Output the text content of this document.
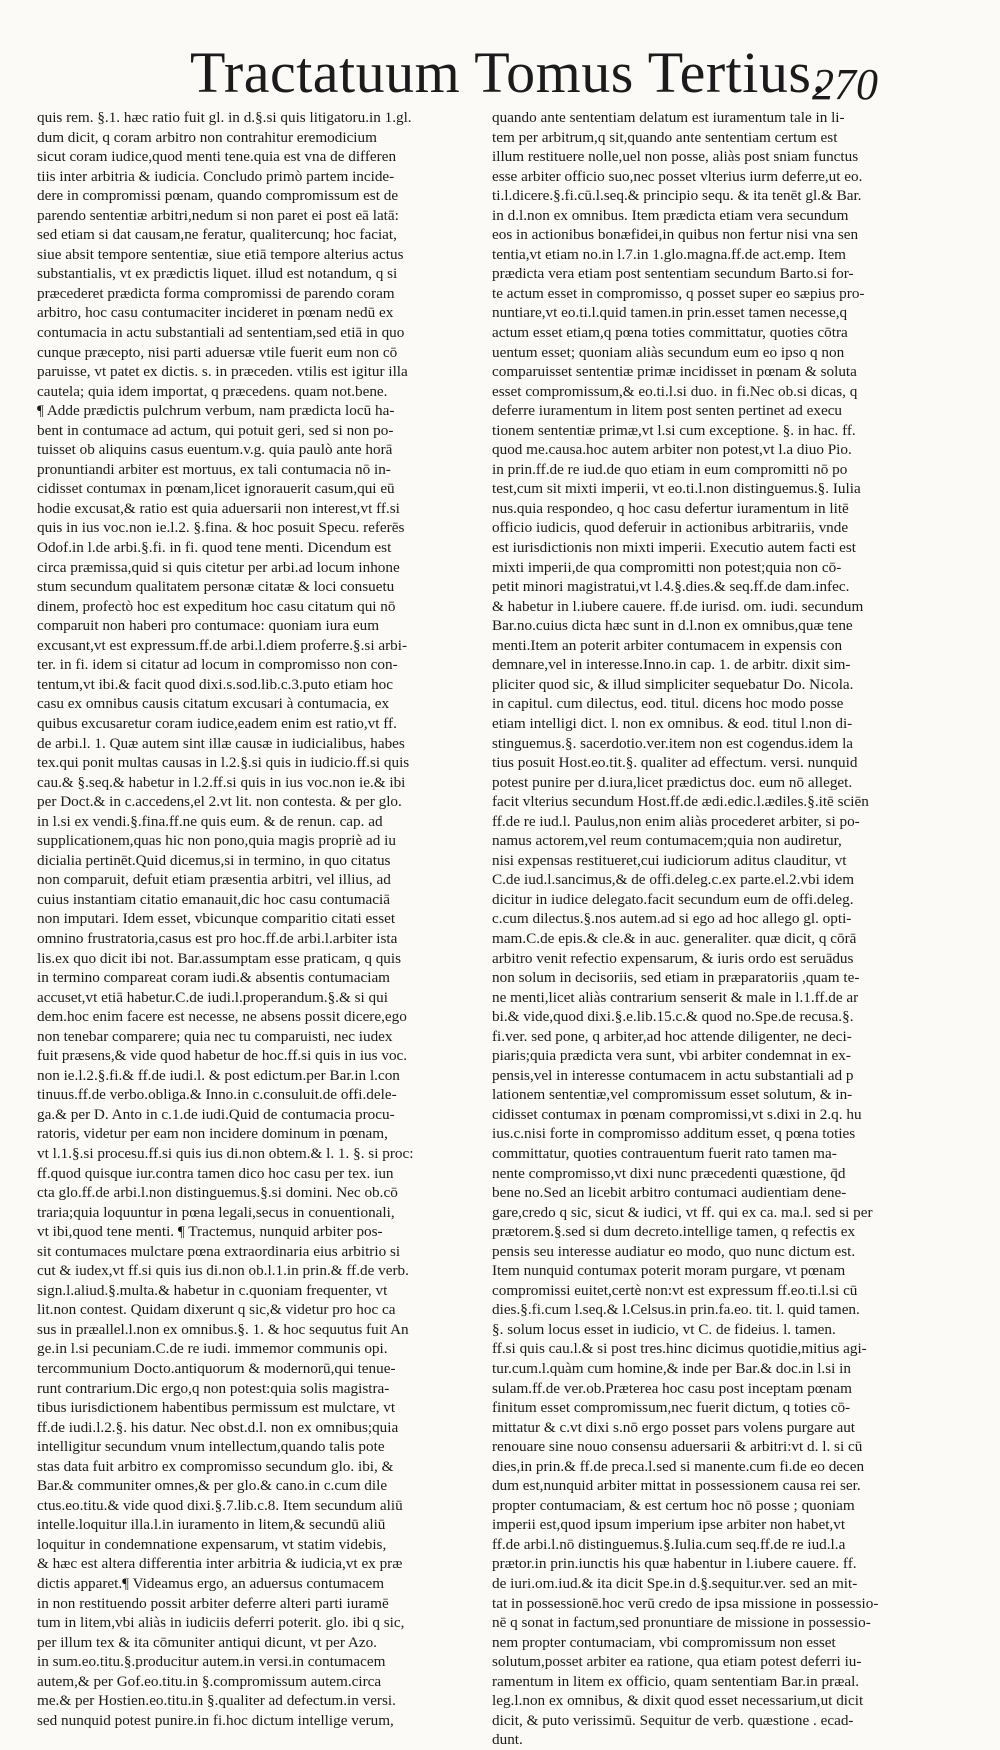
Tractatuum Tomus Tertius.
270
quis rem. §.1. hæc ratio fuit gl. in d.§.si quis litigatoru.in 1.gl.
dum dicit, q coram arbitro non contrahitur eremodicium
sicut coram iudice,quod menti tene.quia est vna de differen
tiis inter arbitria & iudicia. Concludo primò partem incide-
dere in compromissi pœnam, quando compromissum est de
parendo sententiæ arbitri,nedum si non paret ei post eā latā:
sed etiam si dat causam,ne feratur, qualitercunq; hoc faciat,
siue absit tempore sententiæ, siue etiā tempore alterius actus
substantialis, vt ex prædictis liquet. illud est notandum, q si
præcederet prædicta forma compromissi de parendo coram
arbitro, hoc casu contumaciter incideret in pœnam nedū ex
contumacia in actu substantiali ad sententiam,sed etiā in quo
cunque præcepto, nisi parti aduersæ vtile fuerit eum non cō
paruisse, vt patet ex dictis. s. in præceden. vtilis est igitur illa
cautela; quia idem importat, q præcedens. quam not.bene.
¶ Adde prædictis pulchrum verbum, nam prædicta locū ha-
bent in contumace ad actum, qui potuit geri, sed si non po-
tuisset ob aliquins casus euentum.v.g. quia paulò ante horā
pronuntiandi arbiter est mortuus, ex tali contumacia nō in-
cidisset contumax in pœnam,licet ignorauerit casum,qui eū
hodie excusat,& ratio est quia aduersarii non interest,vt ff.si
quis in ius voc.non ie.l.2. §.fina. & hoc posuit Specu. referēs
Odof.in l.de arbi.§.fi. in fi. quod tene menti. Dicendum est
circa præmissa,quid si quis citetur per arbi.ad locum inhone
stum secundum qualitatem personæ citatæ & loci consuetu
dinem, profectò hoc est expeditum hoc casu citatum qui nō
comparuit non haberi pro contumace: quoniam iura eum
excusant,vt est expressum.ff.de arbi.l.diem proferre.§.si arbi-
ter. in fi. idem si citatur ad locum in compromisso non con-
tentum,vt ibi.& facit quod dixi.s.sod.lib.c.3.puto etiam hoc
casu ex omnibus causis citatum excusari à contumacia, ex
quibus excusaretur coram iudice,eadem enim est ratio,vt ff.
de arbi.l. 1. Quæ autem sint illæ causæ in iudicialibus, habes
tex.qui ponit multas causas in l.2.§.si quis in iudicio.ff.si quis
cau.& §.seq.& habetur in l.2.ff.si quis in ius voc.non ie.& ibi
per Doct.& in c.accedens,el 2.vt lit. non contesta. & per glo.
in l.si ex vendi.§.fina.ff.ne quis eum. & de renun. cap. ad
supplicationem,quas hic non pono,quia magis propriè ad iu
dicialia pertinēt.Quid dicemus,si in termino, in quo citatus
non comparuit, defuit etiam præsentia arbitri, vel illius, ad
cuius instantiam citatio emanauit,dic hoc casu contumaciā
non imputari. Idem esset, vbicunque comparitio citati esset
omnino frustratoria,casus est pro hoc.ff.de arbi.l.arbiter ista
lis.ex quo dicit ibi not. Bar.assumptam esse praticam, q quis
in termino compareat coram iudi.& absentis contumaciam
accuset,vt etiā habetur.C.de iudi.l.properandum.§.& si qui
dem.hoc enim facere est necesse, ne absens possit dicere,ego
non tenebar comparere; quia nec tu comparuisti, nec iudex
fuit præsens,& vide quod habetur de hoc.ff.si quis in ius voc.
non ie.l.2.§.fi.& ff.de iudi.l. & post edictum.per Bar.in l.con
tinuus.ff.de verbo.obliga.& Inno.in c.consuluit.de offi.dele-
ga.& per D. Anto in c.1.de iudi.Quid de contumacia procu-
ratoris, videtur per eam non incidere dominum in pœnam,
vt l.1.§.si procesu.ff.si quis ius di.non obtem.& l. 1. §. si proc:
ff.quod quisque iur.contra tamen dico hoc casu per tex. iun
cta glo.ff.de arbi.l.non distinguemus.§.si domini. Nec ob.cō
traria;quia loquuntur in pœna legali,secus in conuentionali,
vt ibi,quod tene menti. ¶ Tractemus, nunquid arbiter pos-
sit contumaces mulctare pœna extraordinaria eius arbitrio si
cut & iudex,vt ff.si quis ius di.non ob.l.1.in prin.& ff.de verb.
sign.l.aliud.§.multa.& habetur in c.quoniam frequenter, vt
lit.non contest. Quidam dixerunt q sic,& videtur pro hoc ca
sus in præallel.l.non ex omnibus.§. 1. & hoc sequutus fuit An
ge.in l.si pecuniam.C.de re iudi. immemor communis opi.
tercommunium Docto.antiquorum & modernorū,qui tenue-
runt contrarium.Dic ergo,q non potest:quia solis magistra-
tibus iurisdictionem habentibus permissum est mulctare, vt
ff.de iudi.l.2.§. his datur. Nec obst.d.l. non ex omnibus;quia
intelligitur secundum vnum intellectum,quando talis pote
stas data fuit arbitro ex compromisso secundum glo. ibi, &
Bar.& communiter omnes,& per glo.& cano.in c.cum dile
ctus.eo.titu.& vide quod dixi.§.7.lib.c.8. Item secundum aliū
intelle.loquitur illa.l.in iuramento in litem,& secundū aliū
loquitur in condemnatione expensarum, vt statim videbis,
& hæc est altera differentia inter arbitria & iudicia,vt ex præ
dictis apparet.¶ Videamus ergo, an aduersus contumacem
in non restituendo possit arbiter deferre alteri parti iuramē
tum in litem,vbi aliàs in iudiciis deferri poterit. glo. ibi q sic,
per illum tex & ita cōmuniter antiqui dicunt, vt per Azo.
in sum.eo.titu.§.producitur autem.in versi.in contumacem
autem,& per Gof.eo.titu.in §.compromissum autem.circa
me.& per Hostien.eo.titu.in §.qualiter ad defectum.in versi.
sed nunquid potest punire.in fi.hoc dictum intellige verum,
quando ante sententiam delatum est iuramentum tale in li-
tem per arbitrum,q sit,quando ante sententiam certum est
illum restituere nolle,uel non posse, aliàs post sniam functus
esse arbiter officio suo,nec posset vlterius iurm deferre,ut eo.
ti.l.dicere.§.fi.cū.l.seq.& principio sequ. & ita tenēt gl.& Bar.
in d.l.non ex omnibus. Item prædicta etiam vera secundum
eos in actionibus bonæfidei,in quibus non fertur nisi vna sen
tentia,vt etiam no.in l.7.in 1.glo.magna.ff.de act.emp. Item
prædicta vera etiam post sententiam secundum Barto.si for-
te actum esset in compromisso, q posset super eo sæpius pro-
nuntiare,vt eo.ti.l.quid tamen.in prin.esset tamen necesse,q
actum esset etiam,q pœna toties committatur, quoties cōtra
uentum esset; quoniam aliàs secundum eum eo ipso q non
comparuisset sententiæ primæ incidisset in pœnam & soluta
esset compromissum,& eo.ti.l.si duo. in fi.Nec ob.si dicas, q
deferre iuramentum in litem post senten pertinet ad execu
tionem sententiæ primæ,vt l.si cum exceptione. §. in hac. ff.
quod me.causa.hoc autem arbiter non potest,vt l.a diuo Pio.
in prin.ff.de re iud.de quo etiam in eum compromitti nō po
test,cum sit mixti imperii, vt eo.ti.l.non distinguemus.§. Iulia
nus.quia respondeo, q hoc casu defertur iuramentum in litē
officio iudicis, quod deferuir in actionibus arbitrariis, vnde
est iurisdictionis non mixti imperii. Executio autem facti est
mixti imperii,de qua compromitti non potest;quia non cō-
petit minori magistratui,vt l.4.§.dies.& seq.ff.de dam.infec.
& habetur in l.iubere cauere. ff.de iurisd. om. iudi. secundum
Bar.no.cuius dicta hæc sunt in d.l.non ex omnibus,quæ tene
menti.Item an poterit arbiter contumacem in expensis con
demnare,vel in interesse.Inno.in cap. 1. de arbitr. dixit sim-
pliciter quod sic, & illud simpliciter sequebatur Do. Nicola.
in capitul. cum dilectus, eod. titul. dicens hoc modo posse
etiam intelligi dict. l. non ex omnibus. & eod. titul l.non di-
stinguemus.§. sacerdotio.ver.item non est cogendus.idem la
tius posuit Host.eo.tit.§. qualiter ad effectum. versi. nunquid
potest punire per d.iura,licet prædictus doc. eum nō alleget.
facit vlterius secundum Host.ff.de ædi.edic.l.ædiles.§.itē sciēn
ff.de re iud.l. Paulus,non enim aliàs procederet arbiter, si po-
namus actorem,vel reum contumacem;quia non audiretur,
nisi expensas restitueret,cui iudiciorum aditus clauditur, vt
C.de iud.l.sancimus,& de offi.deleg.c.ex parte.el.2.vbi idem
dicitur in iudice delegato.facit secundum eum de offi.deleg.
c.cum dilectus.§.nos autem.ad si ego ad hoc allego gl. opti-
mam.C.de epis.& cle.& in auc. generaliter. quæ dicit, q cōrā
arbitro venit refectio expensarum, & iuris ordo est seruādus
non solum in decisoriis, sed etiam in præparatoriis ,quam te-
ne menti,licet aliàs contrarium senserit & male in l.1.ff.de ar
bi.& vide,quod dixi.§.e.lib.15.c.& quod no.Spe.de recusa.§.
fi.ver. sed pone, q arbiter,ad hoc attende diligenter, ne deci-
piaris;quia prædicta vera sunt, vbi arbiter condemnat in ex-
pensis,vel in interesse contumacem in actu substantiali ad p
lationem sententiæ,vel compromissum esset solutum, & in-
cidisset contumax in pœnam compromissi,vt s.dixi in 2.q. hu
ius.c.nisi forte in compromisso additum esset, q pœna toties
committatur, quoties contrauentum fuerit rato tamen ma-
nente compromisso,vt dixi nunc præcedenti quæstione, q̄d
bene no.Sed an licebit arbitro contumaci audientiam dene-
gare,credo q sic, sicut & iudici, vt ff. qui ex ca. ma.l. sed si per
prætorem.§.sed si dum decreto.intellige tamen, q refectis ex
pensis seu interesse audiatur eo modo, quo nunc dictum est.
Item nunquid contumax poterit moram purgare, vt pœnam
compromissi euitet,certè non:vt est expressum ff.eo.ti.l.si cū
dies.§.fi.cum l.seq.& l.Celsus.in prin.fa.eo. tit. l. quid tamen.
§. solum locus esset in iudicio, vt C. de fideius. l. tamen.
ff.si quis cau.l.& si post tres.hinc dicimus quotidie,mitius agi-
tur.cum.l.quàm cum homine,& inde per Bar.& doc.in l.si in
sulam.ff.de ver.ob.Præterea hoc casu post inceptam pœnam
finitum esset compromissum,nec fuerit dictum, q toties cō-
mittatur & c.vt dixi s.nō ergo posset pars volens purgare aut
renouare sine nouo consensu aduersarii & arbitri:vt d. l. si cū
dies,in prin.& ff.de preca.l.sed si manente.cum fi.de eo decen
dum est,nunquid arbiter mittat in possessionem causa rei ser.
propter contumaciam, & est certum hoc nō posse ; quoniam
imperii est,quod ipsum imperium ipse arbiter non habet,vt
ff.de arbi.l.nō distinguemus.§.Iulia.cum seq.ff.de re iud.l.a
prætor.in prin.iunctis his quæ habentur in l.iubere cauere. ff.
de iuri.om.iud.& ita dicit Spe.in d.§.sequitur.ver. sed an mit-
tat in possessionē.hoc verū credo de ipsa missione in possessio-
nē q sonat in factum,sed pronuntiare de missione in possessio-
nem propter contumaciam, vbi compromissum non esset
solutum,posset arbiter ea ratione, qua etiam potest deferri iu-
ramentum in litem ex officio, quam sententiam Bar.in præal.
leg.l.non ex omnibus, & dixit quod esset necessarium,ut dicit
dicit, & puto verissimū. Sequitur de verb. quæstione . ecad-
dunt.
